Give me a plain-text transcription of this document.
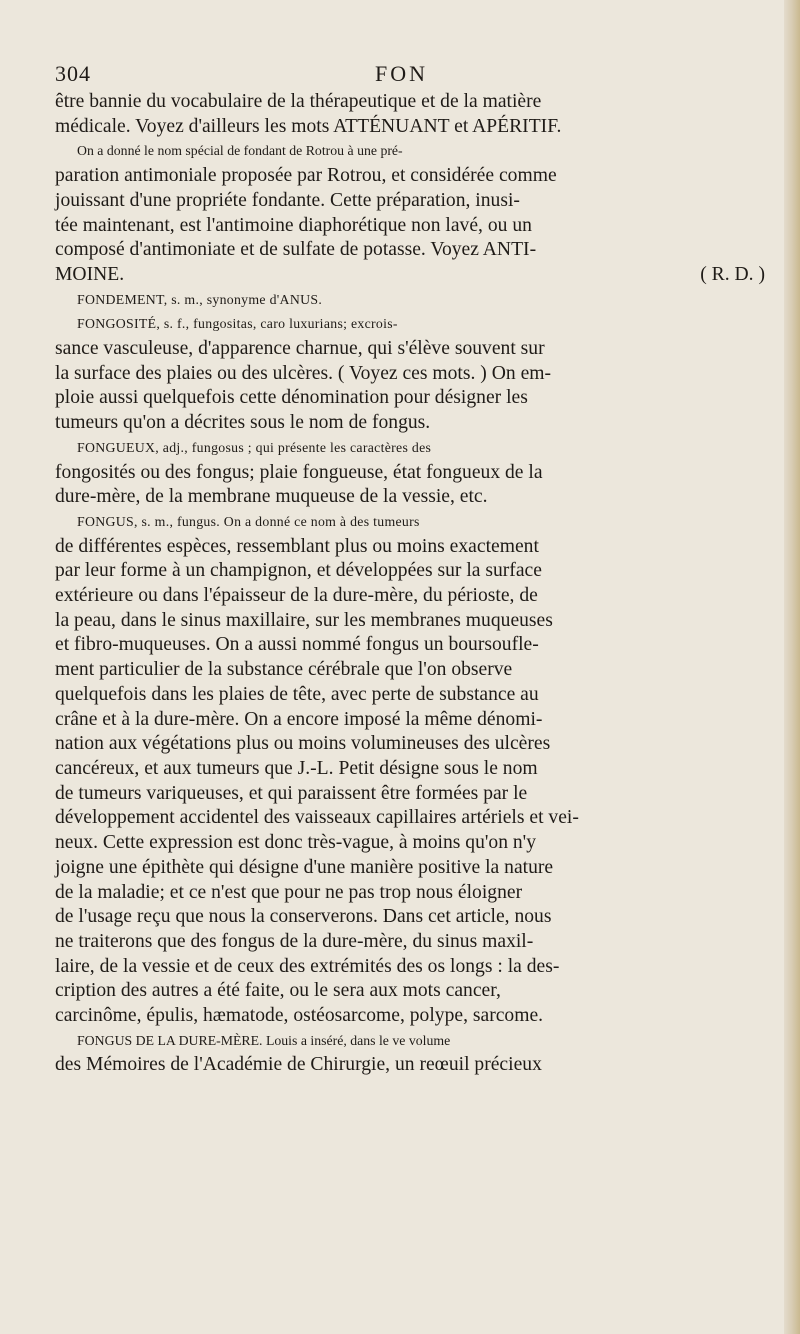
304	FON
être bannie du vocabulaire de la thérapeutique et de la matière
médicale. Voyez d'ailleurs les mots ATTÉNUANT et APÉRITIF.
On a donné le nom spécial de fondant de Rotrou à une pré-
paration antimoniale proposée par Rotrou, et considérée comme
jouissant d'une propriéte fondante. Cette préparation, inusi-
tée maintenant, est l'antimoine diaphorétique non lavé, ou un
composé d'antimoniate et de sulfate de potasse. Voyez ANTI-
MOINE.	( R. D. )
FONDEMENT, s. m., synonyme d'ANUS.
FONGOSITÉ, s. f., fungositas, caro luxurians; excrois-
sance vasculeuse, d'apparence charnue, qui s'élève souvent sur
la surface des plaies ou des ulcères. ( Voyez ces mots. ) On em-
ploie aussi quelquefois cette dénomination pour désigner les
tumeurs qu'on a décrites sous le nom de fongus.
FONGUEUX, adj., fungosus ; qui présente les caractères des
fongosités ou des fongus; plaie fongueuse, état fongueux de la
dure-mère, de la membrane muqueuse de la vessie, etc.
FONGUS, s. m., fungus. On a donné ce nom à des tumeurs
de différentes espèces, ressemblant plus ou moins exactement
par leur forme à un champignon, et développées sur la surface
extérieure ou dans l'épaisseur de la dure-mère, du périoste, de
la peau, dans le sinus maxillaire, sur les membranes muqueuses
et fibro-muqueuses. On a aussi nommé fongus un boursoufle-
ment particulier de la substance cérébrale que l'on observe
quelquefois dans les plaies de tête, avec perte de substance au
crâne et à la dure-mère. On a encore imposé la même dénomi-
nation aux végétations plus ou moins volumineuses des ulcères
cancéreux, et aux tumeurs que J.-L. Petit désigne sous le nom
de tumeurs variqueuses, et qui paraissent être formées par le
développement accidentel des vaisseaux capillaires artériels et vei-
neux. Cette expression est donc très-vague, à moins qu'on n'y
joigne une épithète qui désigne d'une manière positive la nature
de la maladie; et ce n'est que pour ne pas trop nous éloigner
de l'usage reçu que nous la conserverons. Dans cet article, nous
ne traiterons que des fongus de la dure-mère, du sinus maxil-
laire, de la vessie et de ceux des extrémités des os longs : la des-
cription des autres a été faite, ou le sera aux mots cancer,
carcinôme, épulis, hæmatode, ostéosarcome, polype, sarcome.
FONGUS DE LA DURE-MÈRE. Louis a inséré, dans le ve volume
des Mémoires de l'Académie de Chirurgie, un reœuil précieux
